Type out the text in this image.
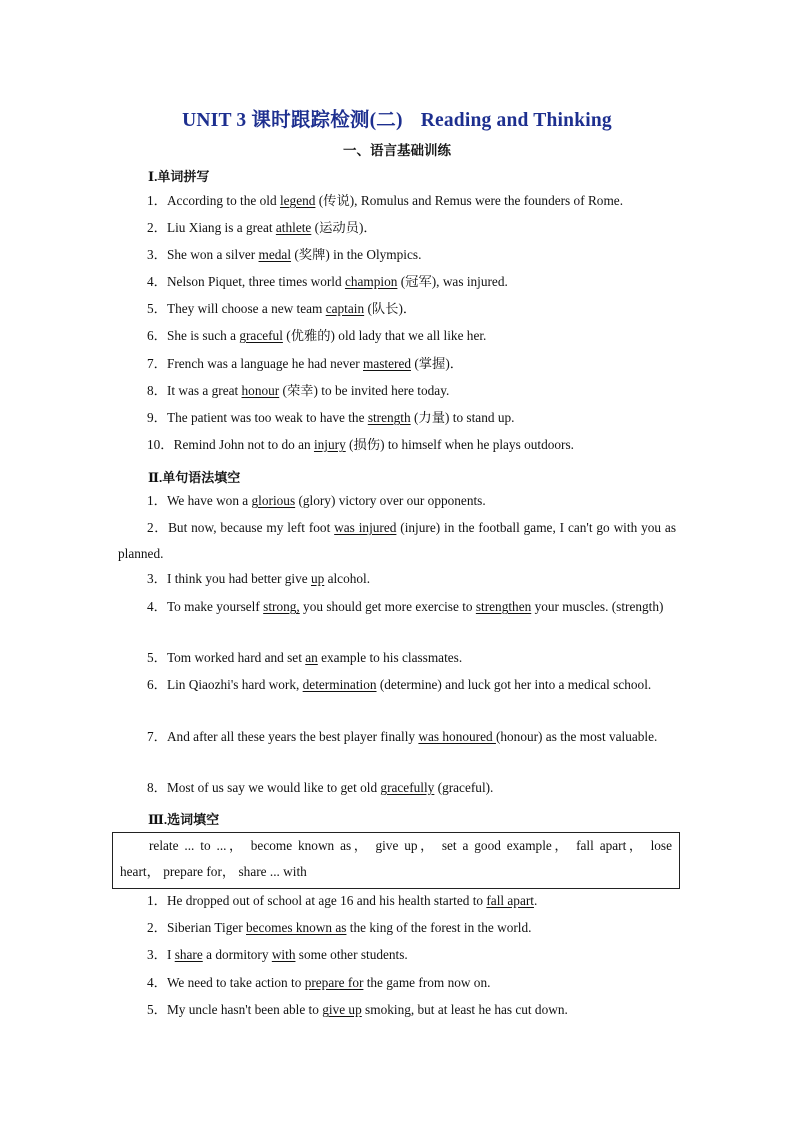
UNIT 3 课时跟踪检测(二) Reading and Thinking
一、语言基础训练
Ⅰ.单词拼写
1．According to the old legend (传说), Romulus and Remus were the founders of Rome.
2．Liu Xiang is a great athlete (运动员)．
3．She won a silver medal (奖牌) in the Olympics.
4．Nelson Piquet, three times world champion (冠军), was injured.
5．They will choose a new team captain (队长)．
6．She is such a graceful (优雅的) old lady that we all like her.
7．French was a language he had never mastered (掌握)．
8．It was a great honour (荣幸) to be invited here today.
9．The patient was too weak to have the strength (力量) to stand up.
10．Remind John not to do an injury (损伤) to himself when he plays outdoors.
Ⅱ.单句语法填空
1．We have won a glorious (glory) victory over our opponents.
2．But now, because my left foot was injured (injure) in the football game, I can't go with you as planned.
3．I think you had better give up alcohol.
4．To make yourself strong, you should get more exercise to strengthen your muscles. (strength)
5．Tom worked hard and set an example to his classmates.
6．Lin Qiaozhi's hard work, determination (determine) and luck got her into a medical school.
7．And after all these years the best player finally was honoured (honour) as the most valuable.
8．Most of us say we would like to get old gracefully (graceful).
Ⅲ.选词填空
relate ... to ...， become known as， give up， set a good example， fall apart， lose
heart， prepare for， share ... with
1．He dropped out of school at age 16 and his health started to fall apart.
2．Siberian Tiger becomes known as the king of the forest in the world.
3．I share a dormitory with some other students.
4．We need to take action to prepare for the game from now on.
5．My uncle hasn't been able to give up smoking, but at least he has cut down.
